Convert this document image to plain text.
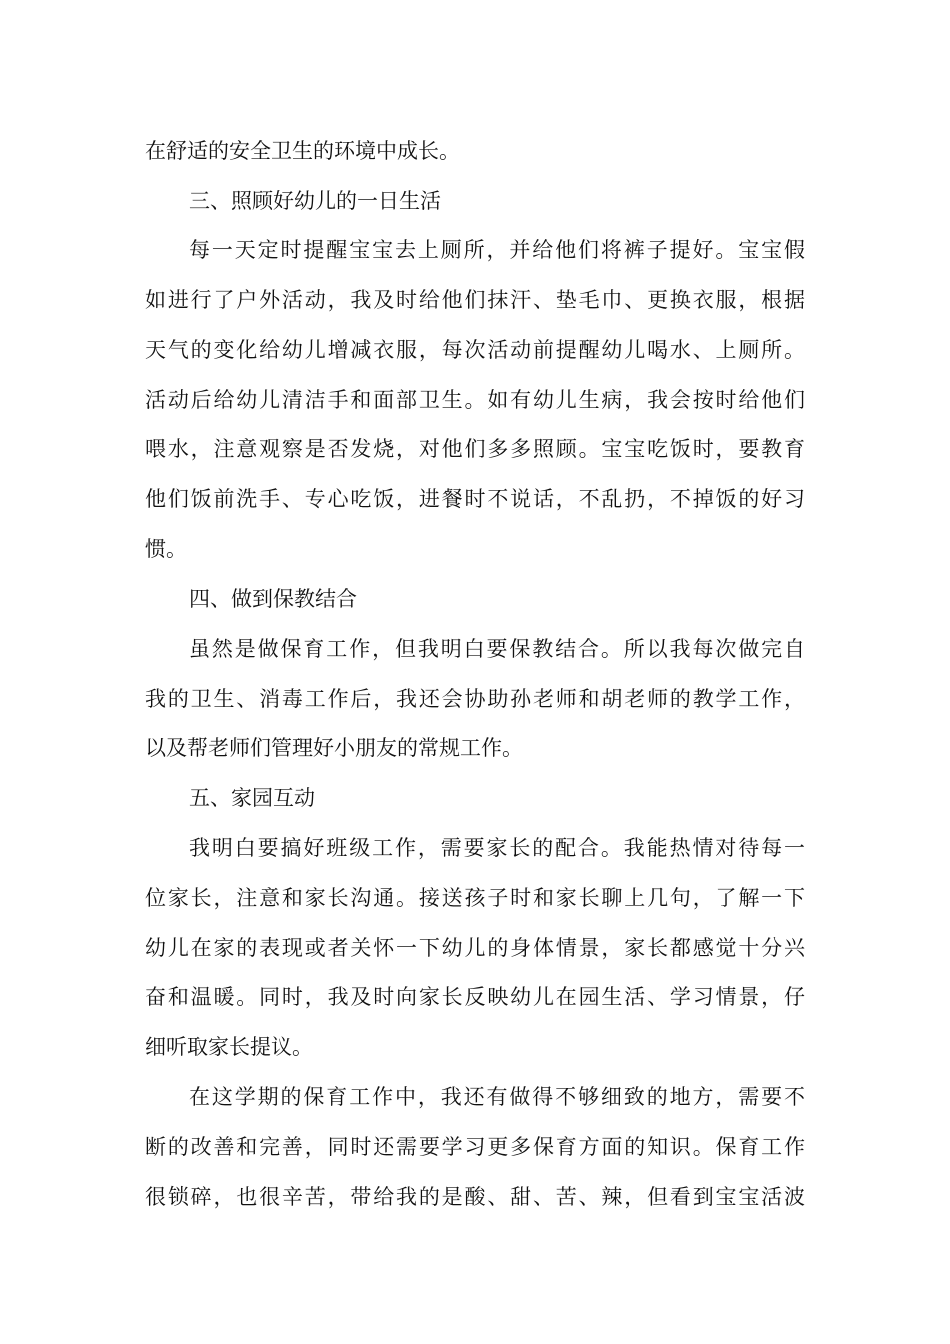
在舒适的安全卫生的环境中成长。
三、照顾好幼儿的一日生活
每一天定时提醒宝宝去上厕所，并给他们将裤子提好。宝宝假
如进行了户外活动，我及时给他们抹汗、垫毛巾、更换衣服，根据
天气的变化给幼儿增减衣服，每次活动前提醒幼儿喝水、上厕所。
活动后给幼儿清洁手和面部卫生。如有幼儿生病，我会按时给他们
喂水，注意观察是否发烧，对他们多多照顾。宝宝吃饭时，要教育
他们饭前洗手、专心吃饭，进餐时不说话，不乱扔，不掉饭的好习
惯。
四、做到保教结合
虽然是做保育工作，但我明白要保教结合。所以我每次做完自
我的卫生、消毒工作后，我还会协助孙老师和胡老师的教学工作，
以及帮老师们管理好小朋友的常规工作。
五、家园互动
我明白要搞好班级工作，需要家长的配合。我能热情对待每一
位家长，注意和家长沟通。接送孩子时和家长聊上几句，了解一下
幼儿在家的表现或者关怀一下幼儿的身体情景，家长都感觉十分兴
奋和温暖。同时，我及时向家长反映幼儿在园生活、学习情景，仔
细听取家长提议。
在这学期的保育工作中，我还有做得不够细致的地方，需要不
断的改善和完善，同时还需要学习更多保育方面的知识。保育工作
很锁碎，也很辛苦，带给我的是酸、甜、苦、辣，但看到宝宝活波
